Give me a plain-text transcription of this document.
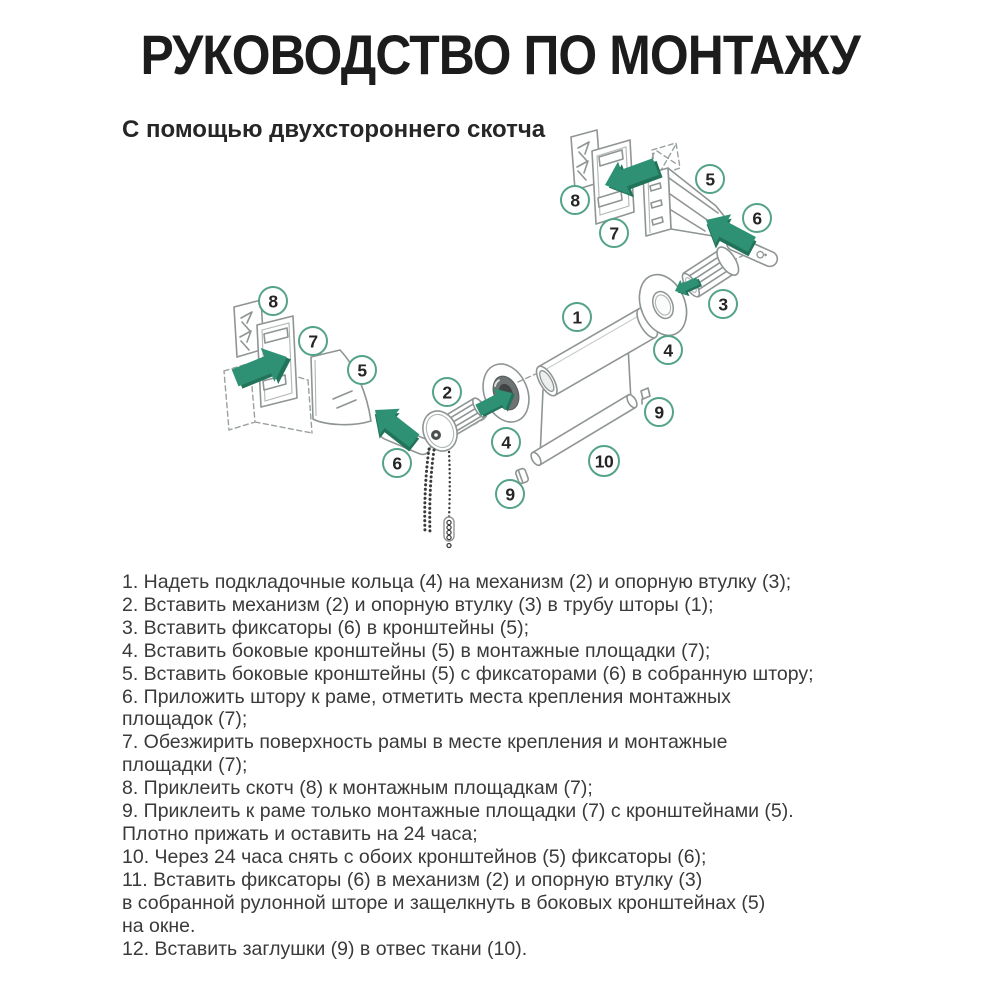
РУКОВОДСТВО ПО МОНТАЖУ
С помощью двухстороннего скотча
8
7
5
6
3
4
1
9
10
9
4
2
8
7
5
6
1. Надеть подкладочные кольца (4) на механизм (2) и опорную втулку (3);
2. Вставить механизм (2) и опорную втулку (3) в трубу шторы (1);
3. Вставить фиксаторы (6) в кронштейны (5);
4. Вставить боковые кронштейны (5) в монтажные площадки (7);
5. Вставить боковые кронштейны (5) с фиксаторами (6) в собранную штору;
6. Приложить штору к раме, отметить места крепления монтажных
площадок (7);
7. Обезжирить поверхность рамы в месте крепления и монтажные
площадки (7);
8. Приклеить скотч (8) к монтажным площадкам (7);
9. Приклеить к раме только монтажные площадки (7) с кронштейнами (5).
Плотно прижать и оставить на 24 часа;
10. Через 24 часа снять с обоих кронштейнов (5) фиксаторы (6);
11. Вставить фиксаторы (6) в механизм (2) и опорную втулку (3)
в собранной рулонной шторе и защелкнуть в боковых кронштейнах (5)
на окне.
12. Вставить заглушки (9) в отвес ткани (10).
